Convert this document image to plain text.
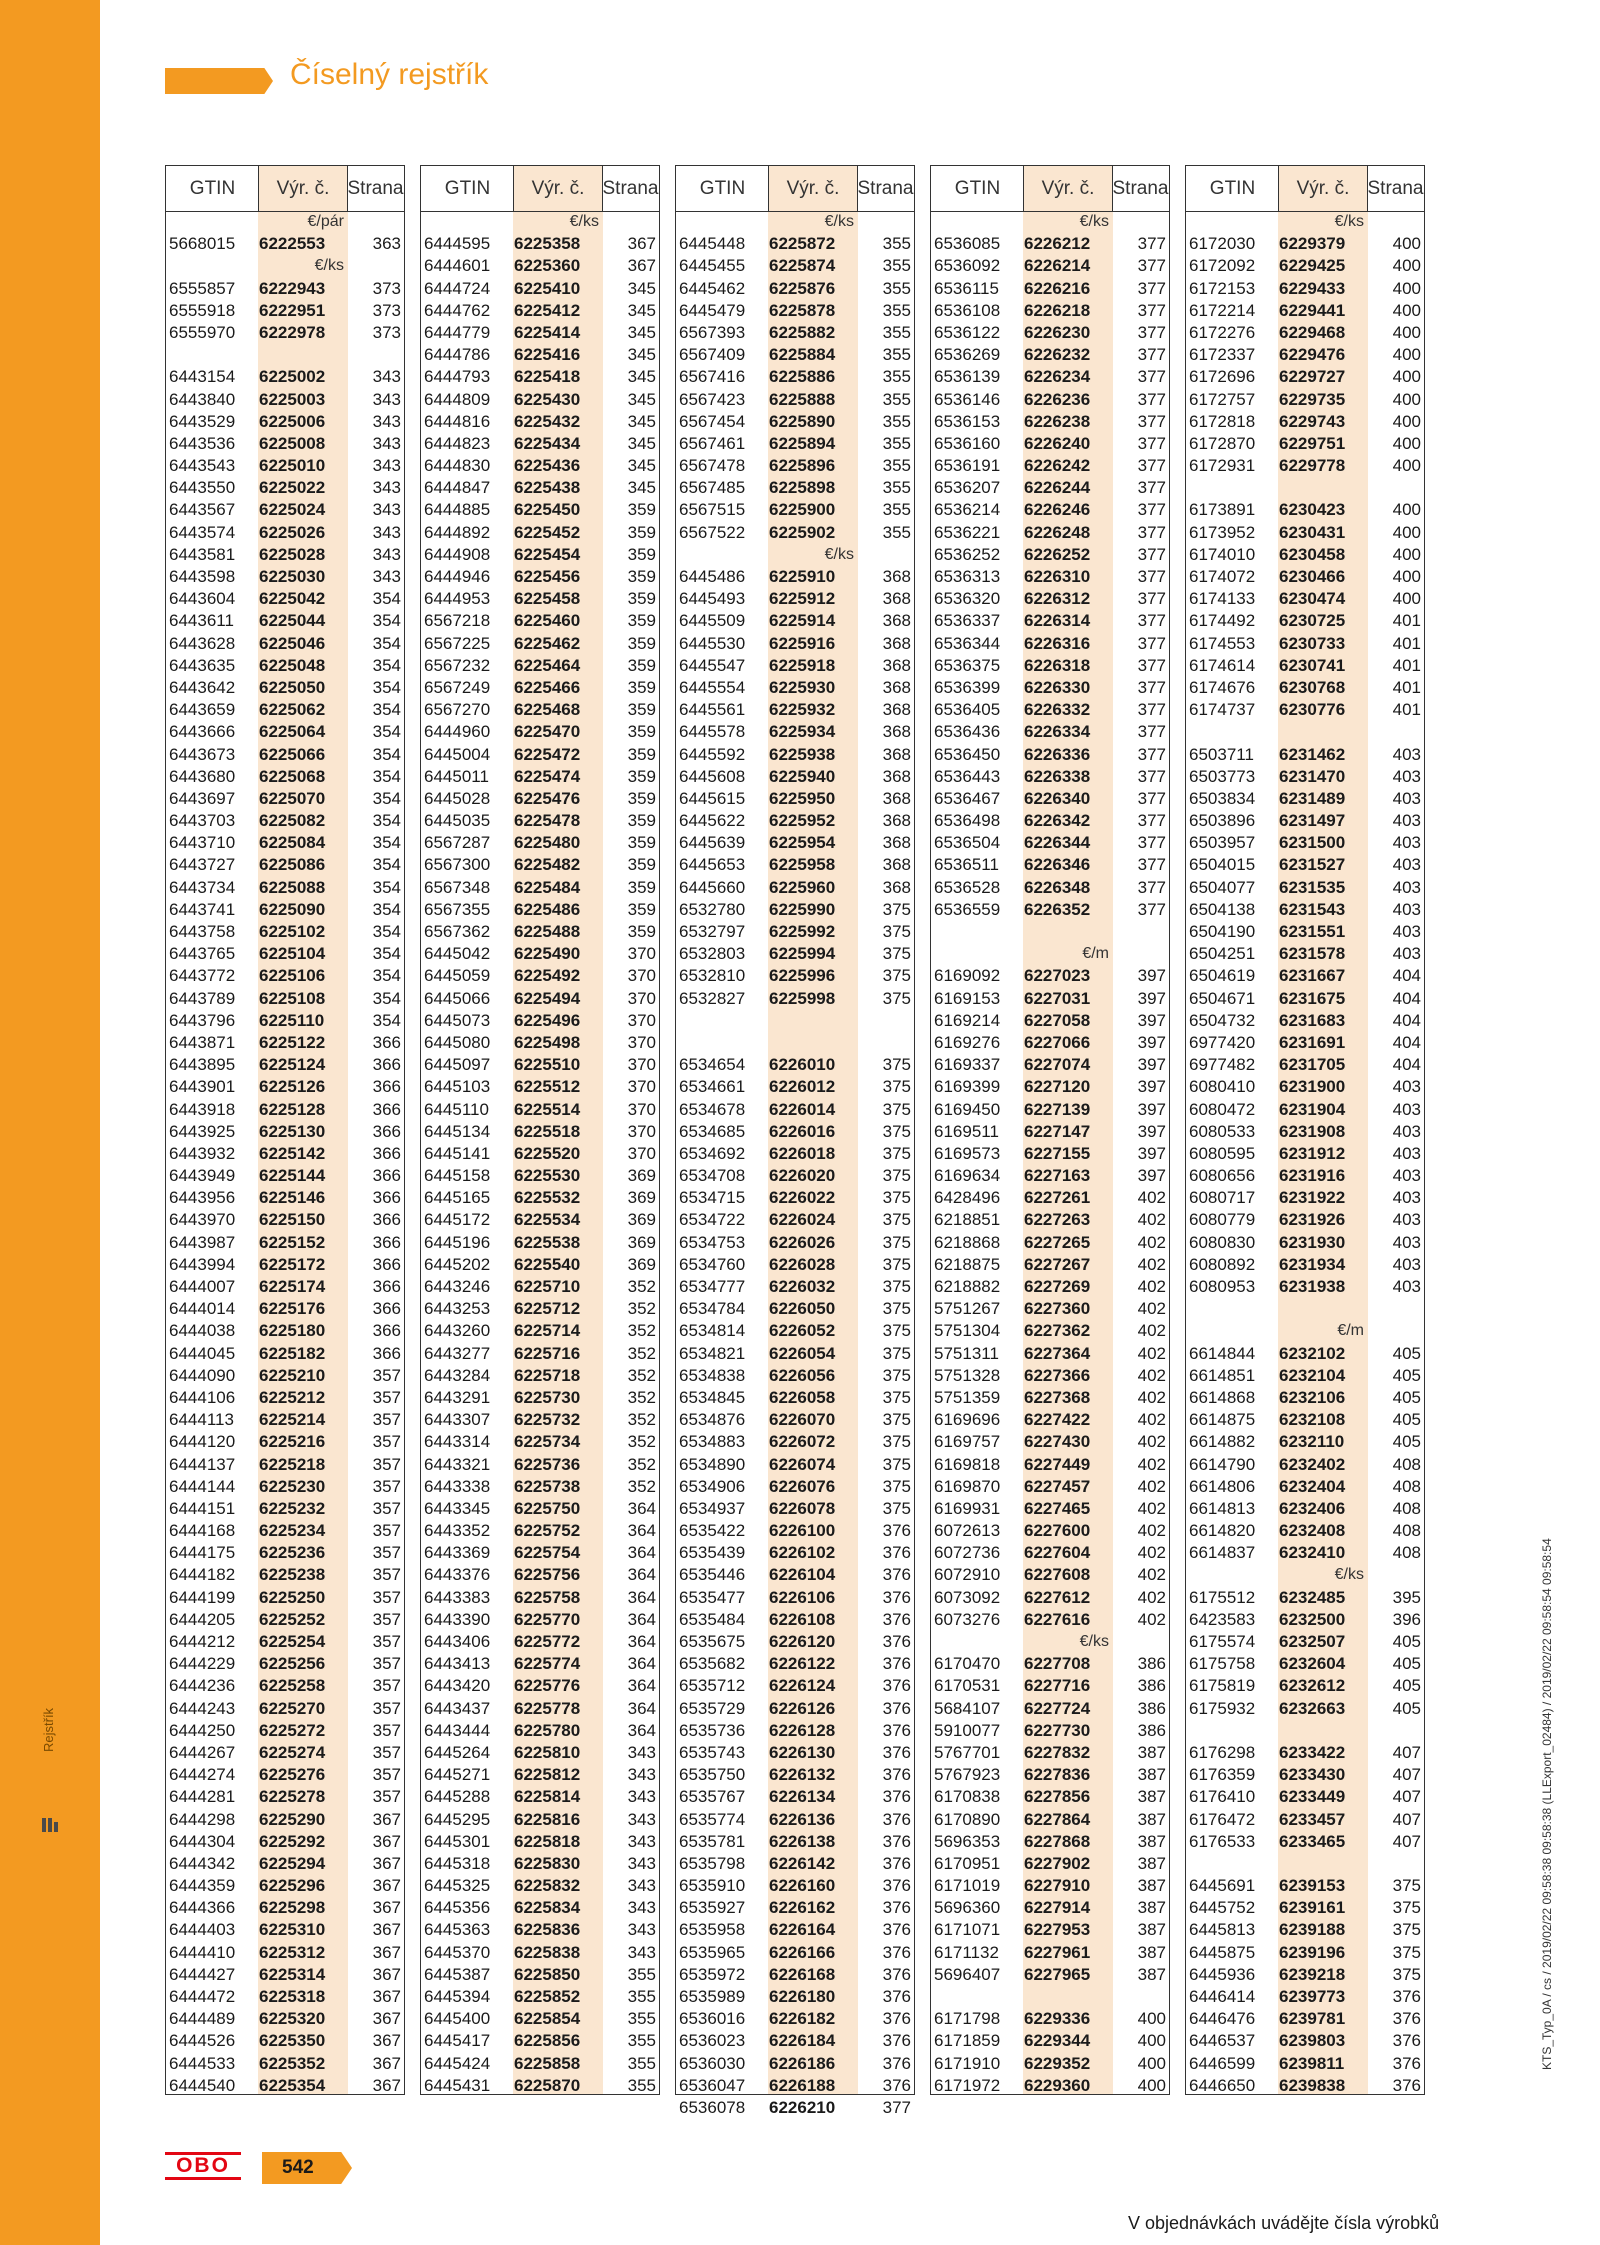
Rejstřík
Číselný rejstřík
GTIN	Výr. č. Strana
€/pár
5668015 6222553	363
€/ks
6555857 6222943	373
6555918 6222951	373
6555970 6222978	373
6443154 6225002	343
6443840 6225003	343
6443529 6225006	343
6443536 6225008	343
6443543 6225010	343
6443550 6225022	343
6443567 6225024	343
6443574 6225026	343
6443581 6225028	343
6443598 6225030	343
6443604 6225042	354
6443611 6225044	354
6443628 6225046	354
6443635 6225048	354
6443642 6225050	354
6443659 6225062	354
6443666 6225064	354
6443673 6225066	354
6443680 6225068	354
6443697 6225070	354
6443703 6225082	354
6443710 6225084	354
6443727 6225086	354
6443734 6225088	354
6443741 6225090	354
6443758 6225102	354
6443765 6225104	354
6443772 6225106	354
6443789 6225108	354
6443796 6225110	354
6443871 6225122	366
6443895 6225124	366
6443901 6225126	366
6443918 6225128	366
6443925 6225130	366
6443932 6225142	366
6443949 6225144	366
6443956 6225146	366
6443970 6225150	366
6443987 6225152	366
6443994 6225172	366
6444007 6225174	366
6444014 6225176	366
6444038 6225180	366
6444045 6225182	366
6444090 6225210	357
6444106 6225212	357
6444113 6225214	357
6444120 6225216	357
6444137 6225218	357
6444144 6225230	357
6444151 6225232	357
6444168 6225234	357
6444175 6225236	357
6444182 6225238	357
6444199 6225250	357
6444205 6225252	357
6444212 6225254	357
6444229 6225256	357
6444236 6225258	357
6444243 6225270	357
6444250 6225272	357
6444267 6225274	357
6444274 6225276	357
6444281 6225278	357
6444298 6225290	367
6444304 6225292	367
6444342 6225294	367
6444359 6225296	367
6444366 6225298	367
6444403 6225310	367
6444410 6225312	367
6444427 6225314	367
6444472 6225318	367
6444489 6225320	367
6444526 6225350	367
6444533 6225352	367
6444540 6225354	367
GTIN	Výr. č. Strana
€/ks
6444595 6225358	367
6444601 6225360	367
6444724 6225410	345
6444762 6225412	345
6444779 6225414	345
6444786 6225416	345
6444793 6225418	345
6444809 6225430	345
6444816 6225432	345
6444823 6225434	345
6444830 6225436	345
6444847 6225438	345
6444885 6225450	359
6444892 6225452	359
6444908 6225454	359
6444946 6225456	359
6444953 6225458	359
6567218 6225460	359
6567225 6225462	359
6567232 6225464	359
6567249 6225466	359
6567270 6225468	359
6444960 6225470	359
6445004 6225472	359
6445011 6225474	359
6445028 6225476	359
6445035 6225478	359
6567287 6225480	359
6567300 6225482	359
6567348 6225484	359
6567355 6225486	359
6567362 6225488	359
6445042 6225490	370
6445059 6225492	370
6445066 6225494	370
6445073 6225496	370
6445080 6225498	370
6445097 6225510	370
6445103 6225512	370
6445110 6225514	370
6445134 6225518	370
6445141 6225520	370
6445158 6225530	369
6445165 6225532	369
6445172 6225534	369
6445196 6225538	369
6445202 6225540	369
6443246 6225710	352
6443253 6225712	352
6443260 6225714	352
6443277 6225716	352
6443284 6225718	352
6443291 6225730	352
6443307 6225732	352
6443314 6225734	352
6443321 6225736	352
6443338 6225738	352
6443345 6225750	364
6443352 6225752	364
6443369 6225754	364
6443376 6225756	364
6443383 6225758	364
6443390 6225770	364
6443406 6225772	364
6443413 6225774	364
6443420 6225776	364
6443437 6225778	364
6443444 6225780	364
6445264 6225810	343
6445271 6225812	343
6445288 6225814	343
6445295 6225816	343
6445301 6225818	343
6445318 6225830	343
6445325 6225832	343
6445356 6225834	343
6445363 6225836	343
6445370 6225838	343
6445387 6225850	355
6445394 6225852	355
6445400 6225854	355
6445417 6225856	355
6445424 6225858	355
6445431 6225870	355
GTIN	Výr. č. Strana
€/ks
6445448 6225872	355
6445455 6225874	355
6445462 6225876	355
6445479 6225878	355
6567393 6225882	355
6567409 6225884	355
6567416 6225886	355
6567423 6225888	355
6567454 6225890	355
6567461 6225894	355
6567478 6225896	355
6567485 6225898	355
6567515 6225900	355
6567522 6225902	355
€/ks
6445486 6225910	368
6445493 6225912	368
6445509 6225914	368
6445530 6225916	368
6445547 6225918	368
6445554 6225930	368
6445561 6225932	368
6445578 6225934	368
6445592 6225938	368
6445608 6225940	368
6445615 6225950	368
6445622 6225952	368
6445639 6225954	368
6445653 6225958	368
6445660 6225960	368
6532780 6225990	375
6532797 6225992	375
6532803 6225994	375
6532810 6225996	375
6532827 6225998	375
6534654 6226010	375
6534661 6226012	375
6534678 6226014	375
6534685 6226016	375
6534692 6226018	375
6534708 6226020	375
6534715 6226022	375
6534722 6226024	375
6534753 6226026	375
6534760 6226028	375
6534777 6226032	375
6534784 6226050	375
6534814 6226052	375
6534821 6226054	375
6534838 6226056	375
6534845 6226058	375
6534876 6226070	375
6534883 6226072	375
6534890 6226074	375
6534906 6226076	375
6534937 6226078	375
6535422 6226100	376
6535439 6226102	376
6535446 6226104	376
6535477 6226106	376
6535484 6226108	376
6535675 6226120	376
6535682 6226122	376
6535712 6226124	376
6535729 6226126	376
6535736 6226128	376
6535743 6226130	376
6535750 6226132	376
6535767 6226134	376
6535774 6226136	376
6535781 6226138	376
6535798 6226142	376
6535910 6226160	376
6535927 6226162	376
6535958 6226164	376
6535965 6226166	376
6535972 6226168	376
6535989 6226180	376
6536016 6226182	376
6536023 6226184	376
6536030 6226186	376
6536047 6226188	376
6536078 6226210	377
GTIN	Výr. č. Strana
€/ks
6536085 6226212	377
6536092 6226214	377
6536115 6226216	377
6536108 6226218	377
6536122 6226230	377
6536269 6226232	377
6536139 6226234	377
6536146 6226236	377
6536153 6226238	377
6536160 6226240	377
6536191 6226242	377
6536207 6226244	377
6536214 6226246	377
6536221 6226248	377
6536252 6226252	377
6536313 6226310	377
6536320 6226312	377
6536337 6226314	377
6536344 6226316	377
6536375 6226318	377
6536399 6226330	377
6536405 6226332	377
6536436 6226334	377
6536450 6226336	377
6536443 6226338	377
6536467 6226340	377
6536498 6226342	377
6536504 6226344	377
6536511 6226346	377
6536528 6226348	377
6536559 6226352	377
€/m
6169092 6227023	397
6169153 6227031	397
6169214 6227058	397
6169276 6227066	397
6169337 6227074	397
6169399 6227120	397
6169450 6227139	397
6169511 6227147	397
6169573 6227155	397
6169634 6227163	397
6428496 6227261	402
6218851 6227263	402
6218868 6227265	402
6218875 6227267	402
6218882 6227269	402
5751267 6227360	402
5751304 6227362	402
5751311 6227364	402
5751328 6227366	402
5751359 6227368	402
6169696 6227422	402
6169757 6227430	402
6169818 6227449	402
6169870 6227457	402
6169931 6227465	402
6072613 6227600	402
6072736 6227604	402
6072910 6227608	402
6073092 6227612	402
6073276 6227616	402
€/ks
6170470 6227708	386
6170531 6227716	386
5684107 6227724	386
5910077 6227730	386
5767701 6227832	387
5767923 6227836	387
6170838 6227856	387
6170890 6227864	387
5696353 6227868	387
6170951 6227902	387
6171019 6227910	387
5696360 6227914	387
6171071 6227953	387
6171132 6227961	387
5696407 6227965	387
6171798 6229336	400
6171859 6229344	400
6171910 6229352	400
6171972 6229360	400
GTIN	Výr. č. Strana
€/ks
6172030 6229379	400
6172092 6229425	400
6172153 6229433	400
6172214 6229441	400
6172276 6229468	400
6172337 6229476	400
6172696 6229727	400
6172757 6229735	400
6172818 6229743	400
6172870 6229751	400
6172931 6229778	400
6173891 6230423	400
6173952 6230431	400
6174010 6230458	400
6174072 6230466	400
6174133 6230474	400
6174492 6230725	401
6174553 6230733	401
6174614 6230741	401
6174676 6230768	401
6174737 6230776	401
6503711 6231462	403
6503773 6231470	403
6503834 6231489	403
6503896 6231497	403
6503957 6231500	403
6504015 6231527	403
6504077 6231535	403
6504138 6231543	403
6504190 6231551	403
6504251 6231578	403
6504619 6231667	404
6504671 6231675	404
6504732 6231683	404
6977420 6231691	404
6977482 6231705	404
6080410 6231900	403
6080472 6231904	403
6080533 6231908	403
6080595 6231912	403
6080656 6231916	403
6080717 6231922	403
6080779 6231926	403
6080830 6231930	403
6080892 6231934	403
6080953 6231938	403
€/m
6614844 6232102	405
6614851 6232104	405
6614868 6232106	405
6614875 6232108	405
6614882 6232110	405
6614790 6232402	408
6614806 6232404	408
6614813 6232406	408
6614820 6232408	408
6614837 6232410	408
€/ks
6175512 6232485	395
6423583 6232500	396
6175574 6232507	405
6175758 6232604	405
6175819 6232612	405
6175932 6232663	405
6176298 6233422	407
6176359 6233430	407
6176410 6233449	407
6176472 6233457	407
6176533 6233465	407
6445691 6239153	375
6445752 6239161	375
6445813 6239188	375
6445875 6239196	375
6445936 6239218	375
6446414 6239773	376
6446476 6239781	376
6446537 6239803	376
6446599 6239811	376
6446650 6239838	376
OBO	542
V objednávkách uvádějte čísla výrobků
KTS_Typ_0A / cs / 2019/02/22 09:58:38 09:58:38 (LLExport_02484) / 2019/02/22 09:58:54 09:58:54
